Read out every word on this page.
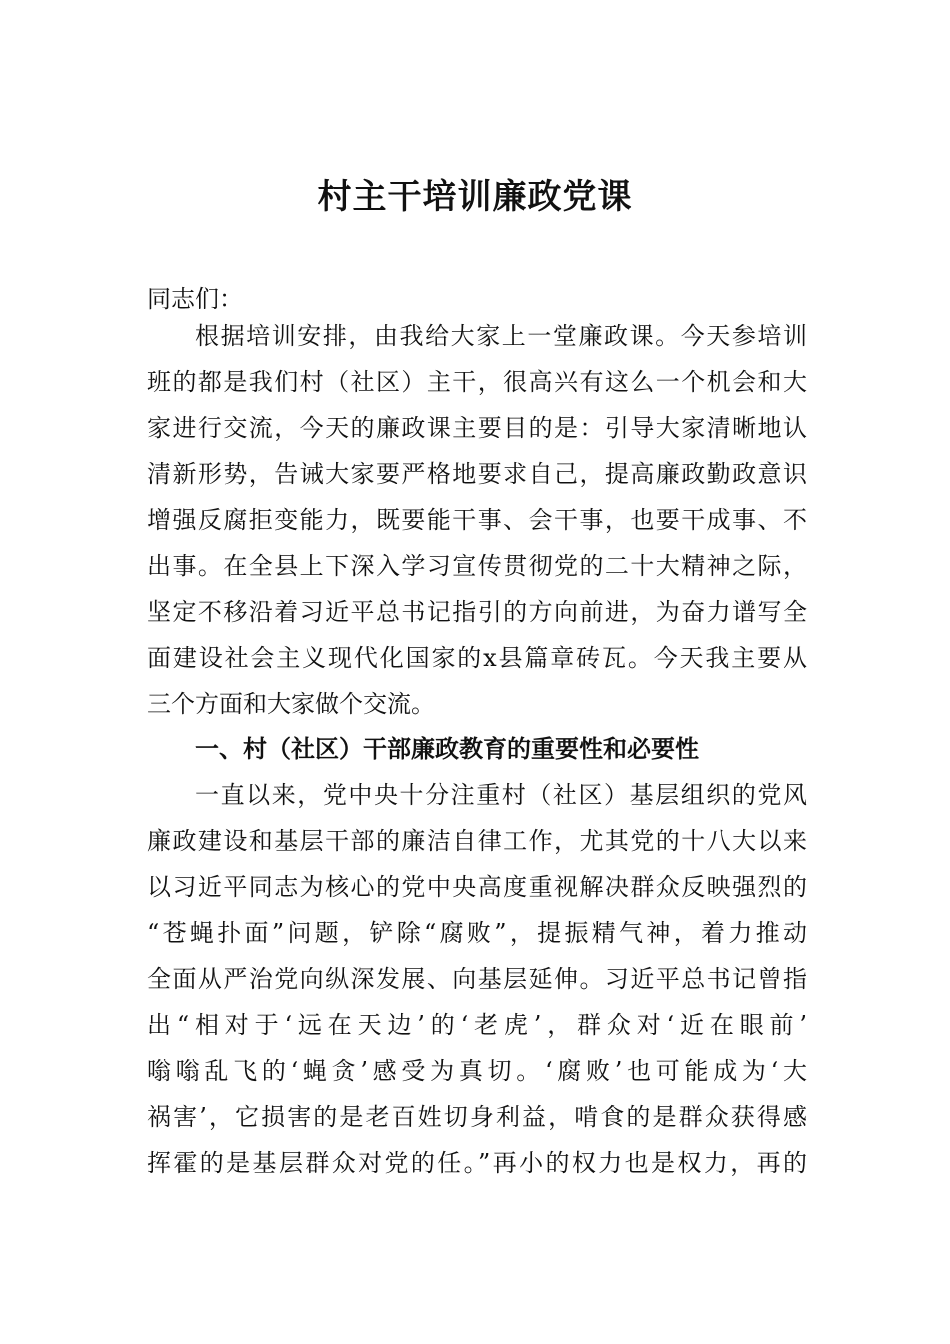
村主干培训廉政党课
同志们：
根据培训安排，由我给大家上一堂廉政课。今天参培训
班的都是我们村（社区）主干，很高兴有这么一个机会和大
家进行交流，今天的廉政课主要目的是：引导大家清晰地认
清新形势，告诫大家要严格地要求自己，提高廉政勤政意识
增强反腐拒变能力，既要能干事、会干事，也要干成事、不
出事。在全县上下深入学习宣传贯彻党的二十大精神之际，
坚定不移沿着习近平总书记指引的方向前进，为奋力谱写全
面建设社会主义现代化国家的x县篇章砖瓦。今天我主要从
三个方面和大家做个交流。
一、村（社区）干部廉政教育的重要性和必要性
一直以来，党中央十分注重村（社区）基层组织的党风
廉政建设和基层干部的廉洁自律工作，尤其党的十八大以来
以习近平同志为核心的党中央高度重视解决群众反映强烈的
“苍蝇扑面”问题，铲除“腐败”，提振精气神，着力推动
全面从严治党向纵深发展、向基层延伸。习近平总书记曾指
出“相对于‘远在天边’的‘老虎’，群众对‘近在眼前’
嗡嗡乱飞的‘蝇贪’感受为真切。‘腐败’也可能成为‘大
祸害’，它损害的是老百姓切身利益，啃食的是群众获得感
挥霍的是基层群众对党的任。”再小的权力也是权力，再的
